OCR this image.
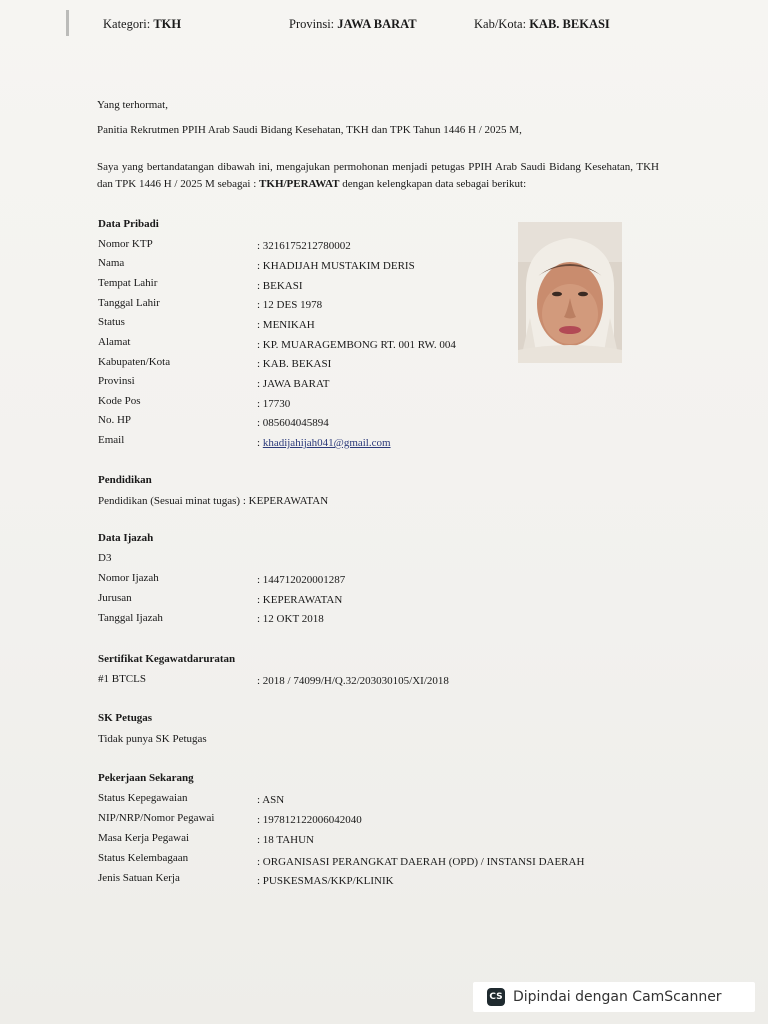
Kategori: TKH	Provinsi: JAWA BARAT	Kab/Kota: KAB. BEKASI
Yang terhormat,
Panitia Rekrutmen PPIH Arab Saudi Bidang Kesehatan, TKH dan TPK Tahun 1446 H / 2025 M,
Saya yang bertandatangan dibawah ini, mengajukan permohonan menjadi petugas PPIH Arab Saudi Bidang Kesehatan, TKH dan TPK 1446 H / 2025 M sebagai : TKH/PERAWAT dengan kelengkapan data sebagai berikut:
Data Pribadi
Nomor KTP	: 3216175212780002
Nama	: KHADIJAH MUSTAKIM DERIS
Tempat Lahir	: BEKASI
Tanggal Lahir	: 12 DES 1978
Status	: MENIKAH
Alamat	: KP. MUARAGEMBONG RT. 001 RW. 004
Kabupaten/Kota	: KAB. BEKASI
Provinsi	: JAWA BARAT
Kode Pos	: 17730
No. HP	: 085604045894
Email	: khadijahijah041@gmail.com
Pendidikan
Pendidikan (Sesuai minat tugas) : KEPERAWATAN
Data Ijazah
D3
Nomor Ijazah	: 144712020001287
Jurusan	: KEPERAWATAN
Tanggal Ijazah	: 12 OKT 2018
Sertifikat Kegawatdaruratan
#1 BTCLS	: 2018 / 74099/H/Q.32/203030105/XI/2018
SK Petugas
Tidak punya SK Petugas
Pekerjaan Sekarang
Status Kepegawaian	: ASN
NIP/NRP/Nomor Pegawai	: 197812122006042040
Masa Kerja Pegawai	: 18 TAHUN
Status Kelembagaan	: ORGANISASI PERANGKAT DAERAH (OPD) / INSTANSI DAERAH
Jenis Satuan Kerja	: PUSKESMAS/KKP/KLINIK
CS Dipindai dengan CamScanner
